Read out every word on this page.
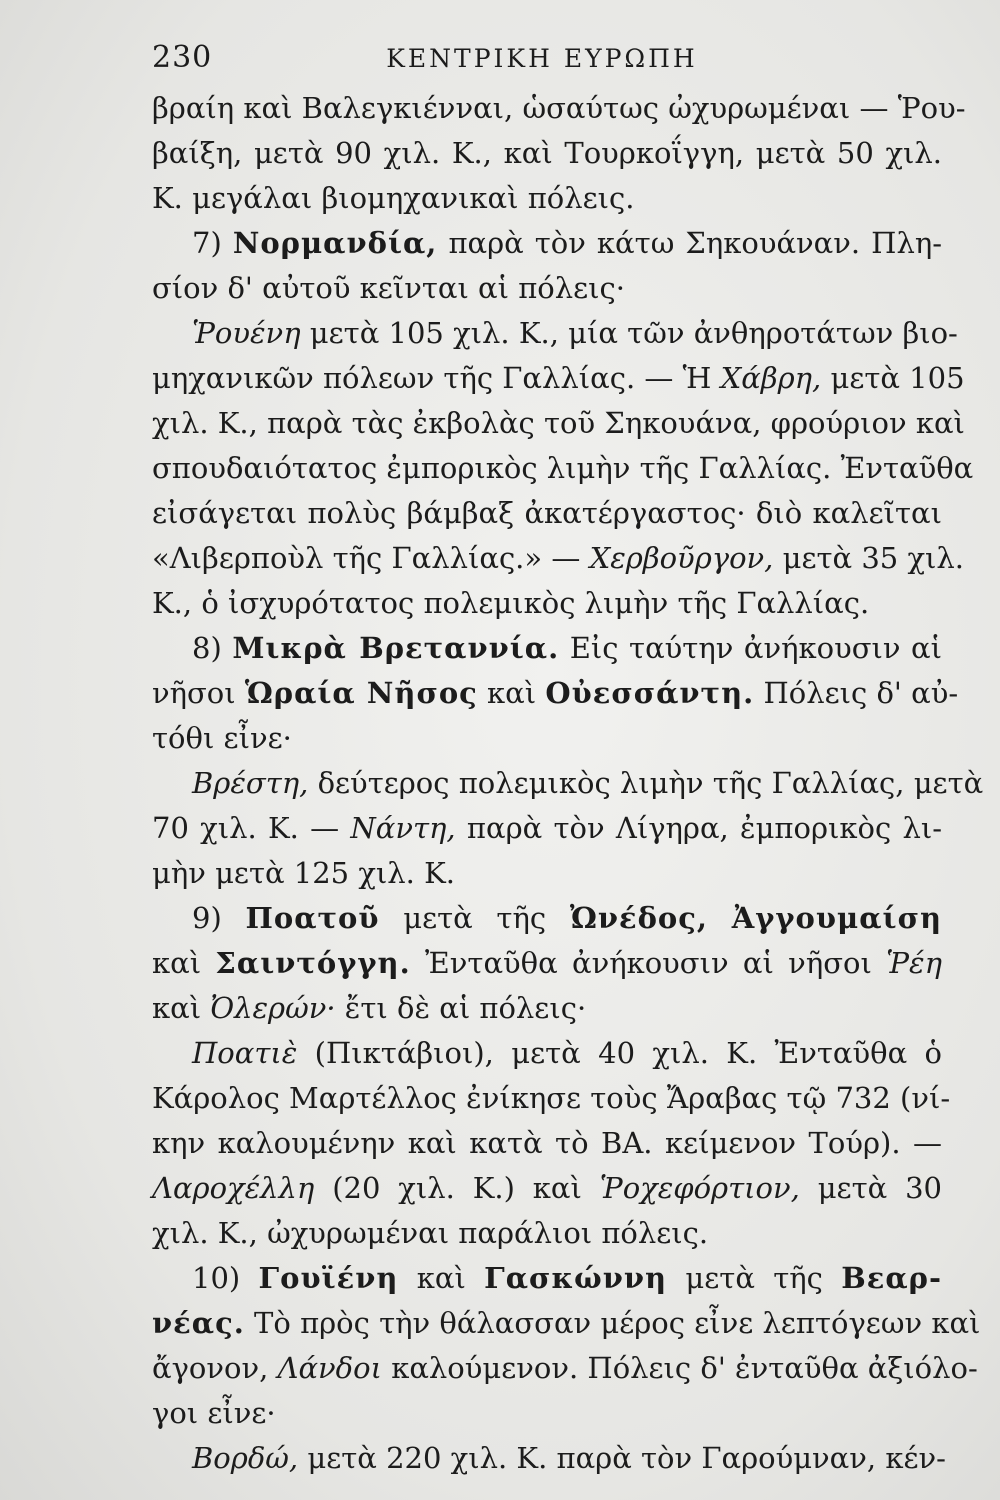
230	ΚΕΝΤΡΙΚΗ ΕΥΡΩΠΗ
βραίη καὶ Βαλεγκιένναι, ὡσαύτως ὠχυρωμέναι — Ῥου-
βαίξη, μετὰ 90 χιλ. Κ., καὶ Τουρκοΐγγη, μετὰ 50 χιλ.
Κ. μεγάλαι βιομηχανικαὶ πόλεις.
7) Νορμανδία, παρὰ τὸν κάτω Σηκουάναν. Πλη-
σίον δ' αὐτοῦ κεῖνται αἱ πόλεις·
Ῥουένη μετὰ 105 χιλ. Κ., μία τῶν ἀνθηροτάτων βιο-
μηχανικῶν πόλεων τῆς Γαλλίας. — Ἡ Χάβρη, μετὰ 105
χιλ. Κ., παρὰ τὰς ἐκβολὰς τοῦ Σηκουάνα, φρούριον καὶ
σπουδαιότατος ἐμπορικὸς λιμὴν τῆς Γαλλίας. Ἐνταῦθα
εἰσάγεται πολὺς βάμβαξ ἀκατέργαστος· διὸ καλεῖται
«Λιβερποὺλ τῆς Γαλλίας.» — Χερβοῦργον, μετὰ 35 χιλ.
Κ., ὁ ἰσχυρότατος πολεμικὸς λιμὴν τῆς Γαλλίας.
8) Μικρὰ Βρεταννία. Εἰς ταύτην ἀνήκουσιν αἱ
νῆσοι Ὡραία Νῆσος καὶ Οὐεσσάντη. Πόλεις δ' αὐ-
τόθι εἶνε·
Βρέστη, δεύτερος πολεμικὸς λιμὴν τῆς Γαλλίας, μετὰ
70 χιλ. Κ. — Νάντη, παρὰ τὸν Λίγηρα, ἐμπορικὸς λι-
μὴν μετὰ 125 χιλ. Κ.
9) Ποατοῦ μετὰ τῆς Ὠνέδος, Ἀγγουμαίση
καὶ Σαιντόγγη. Ἐνταῦθα ἀνήκουσιν αἱ νῆσοι Ῥέη
καὶ Ὀλερών· ἔτι δὲ αἱ πόλεις·
Ποατιὲ (Πικτάβιοι), μετὰ 40 χιλ. Κ. Ἐνταῦθα ὁ
Κάρολος Μαρτέλλος ἐνίκησε τοὺς Ἄραβας τῷ 732 (νί-
κην καλουμένην καὶ κατὰ τὸ ΒΑ. κείμενον Τούρ). —
Λαροχέλλη (20 χιλ. Κ.) καὶ Ῥοχεφόρτιον, μετὰ 30
χιλ. Κ., ὠχυρωμέναι παράλιοι πόλεις.
10) Γουϊένη καὶ Γασκώννη μετὰ τῆς Βεαρ-
νέας. Τὸ πρὸς τὴν θάλασσαν μέρος εἶνε λεπτόγεων καὶ
ἄγονον, Λάνδοι καλούμενον. Πόλεις δ' ἐνταῦθα ἀξιόλο-
γοι εἶνε·
Βορδώ, μετὰ 220 χιλ. Κ. παρὰ τὸν Γαρούμναν, κέν-
